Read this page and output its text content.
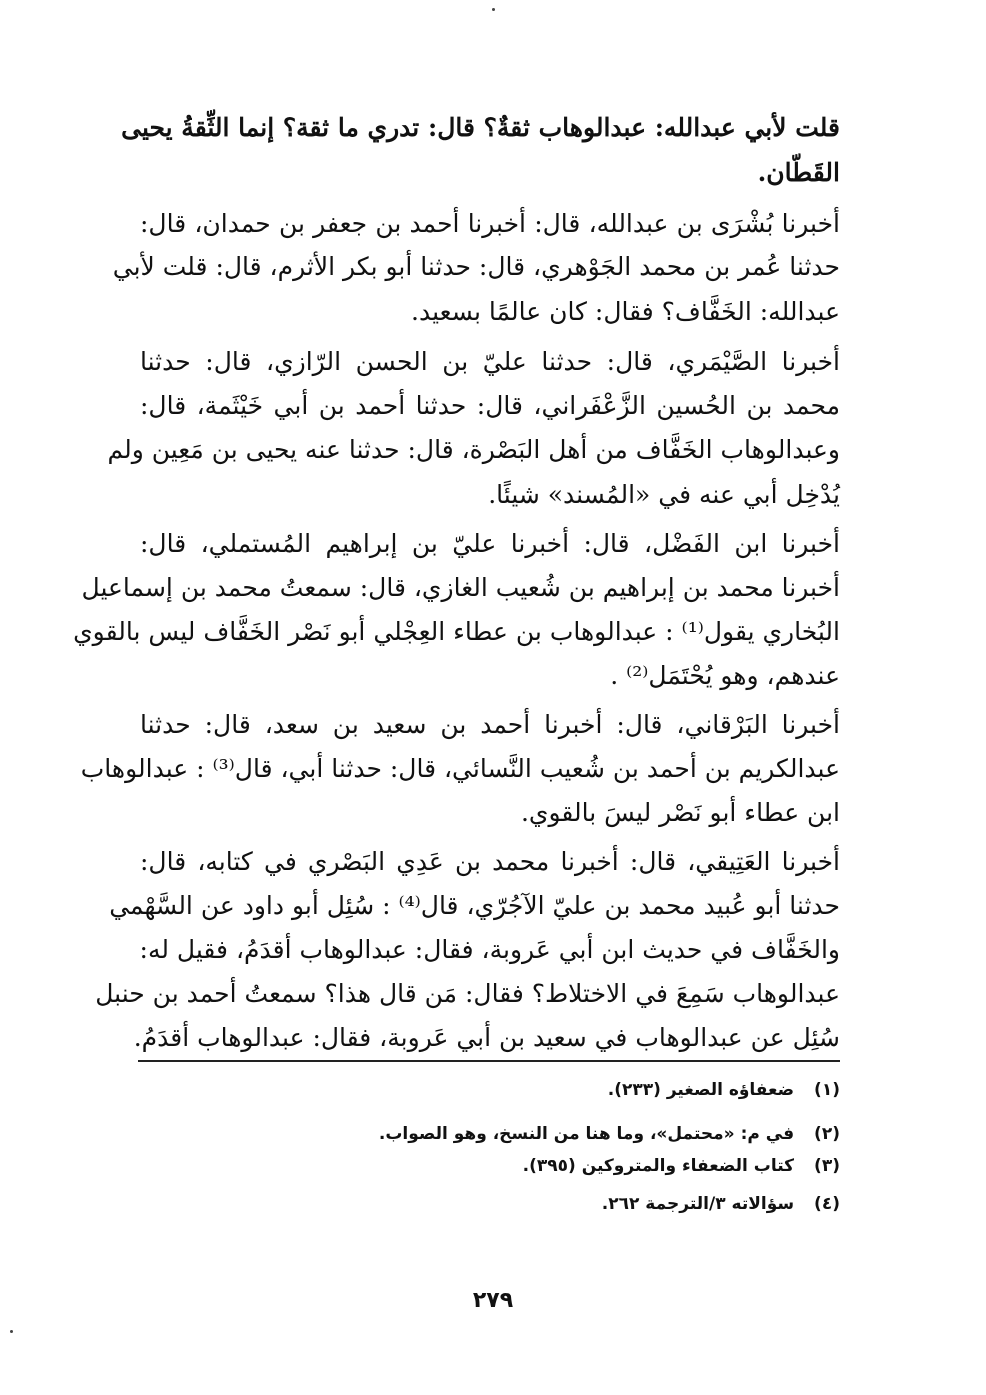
قلت لأبي عبدالله: عبدالوهاب ثقةٌ؟ قال: تدري ما ثقة؟ إنما الثِّقةُ يحيى
القَطّان.
أخبرنا بُشْرَى بن عبدالله، قال: أخبرنا أحمد بن جعفر بن حمدان، قال:
حدثنا عُمر بن محمد الجَوْهري، قال: حدثنا أبو بكر الأثرم، قال: قلت لأبي
عبدالله: الخَفَّاف؟ فقال: كان عالمًا بسعيد.
أخبرنا الصَّيْمَري، قال: حدثنا عليّ بن الحسن الرّازي، قال: حدثنا
محمد بن الحُسين الزَّعْفَراني، قال: حدثنا أحمد بن أبي خَيْثَمة، قال:
وعبدالوهاب الخَفَّاف من أهل البَصْرة، قال: حدثنا عنه يحيى بن مَعِين ولم
يُدْخِل أبي عنه في «المُسند» شيئًا.
أخبرنا ابن الفَضْل، قال: أخبرنا عليّ بن إبراهيم المُستملي، قال:
أخبرنا محمد بن إبراهيم بن شُعيب الغازي، قال: سمعتُ محمد بن إسماعيل
البُخاري يقول⁽¹⁾ : عبدالوهاب بن عطاء العِجْلي أبو نَصْر الخَفَّاف ليس بالقوي
عندهم، وهو يُحْتَمَل⁽²⁾ .
أخبرنا البَرْقاني، قال: أخبرنا أحمد بن سعيد بن سعد، قال: حدثنا
عبدالكريم بن أحمد بن شُعيب النَّسائي، قال: حدثنا أبي، قال⁽³⁾ : عبدالوهاب
ابن عطاء أبو نَصْر ليسَ بالقوي.
أخبرنا العَتِيقي، قال: أخبرنا محمد بن عَدِي البَصْري في كتابه، قال:
حدثنا أبو عُبيد محمد بن عليّ الآجُرّي، قال⁽⁴⁾ : سُئِل أبو داود عن السَّهْمي
والخَفَّاف في حديث ابن أبي عَروبة، فقال: عبدالوهاب أقدَمُ، فقيل له:
عبدالوهاب سَمِعَ في الاختلاط؟ فقال: مَن قال هذا؟ سمعتُ أحمد بن حنبل
سُئِل عن عبدالوهاب في سعيد بن أبي عَروبة، فقال: عبدالوهاب أقدَمُ.
(١) ضعفاؤه الصغير (٢٣٣).
(٢) في م: «محتمل»، وما هنا من النسخ، وهو الصواب.
(٣) كتاب الضعفاء والمتروكين (٣٩٥).
(٤) سؤالاته ٣/الترجمة ٢٦٢.
٢٧٩
